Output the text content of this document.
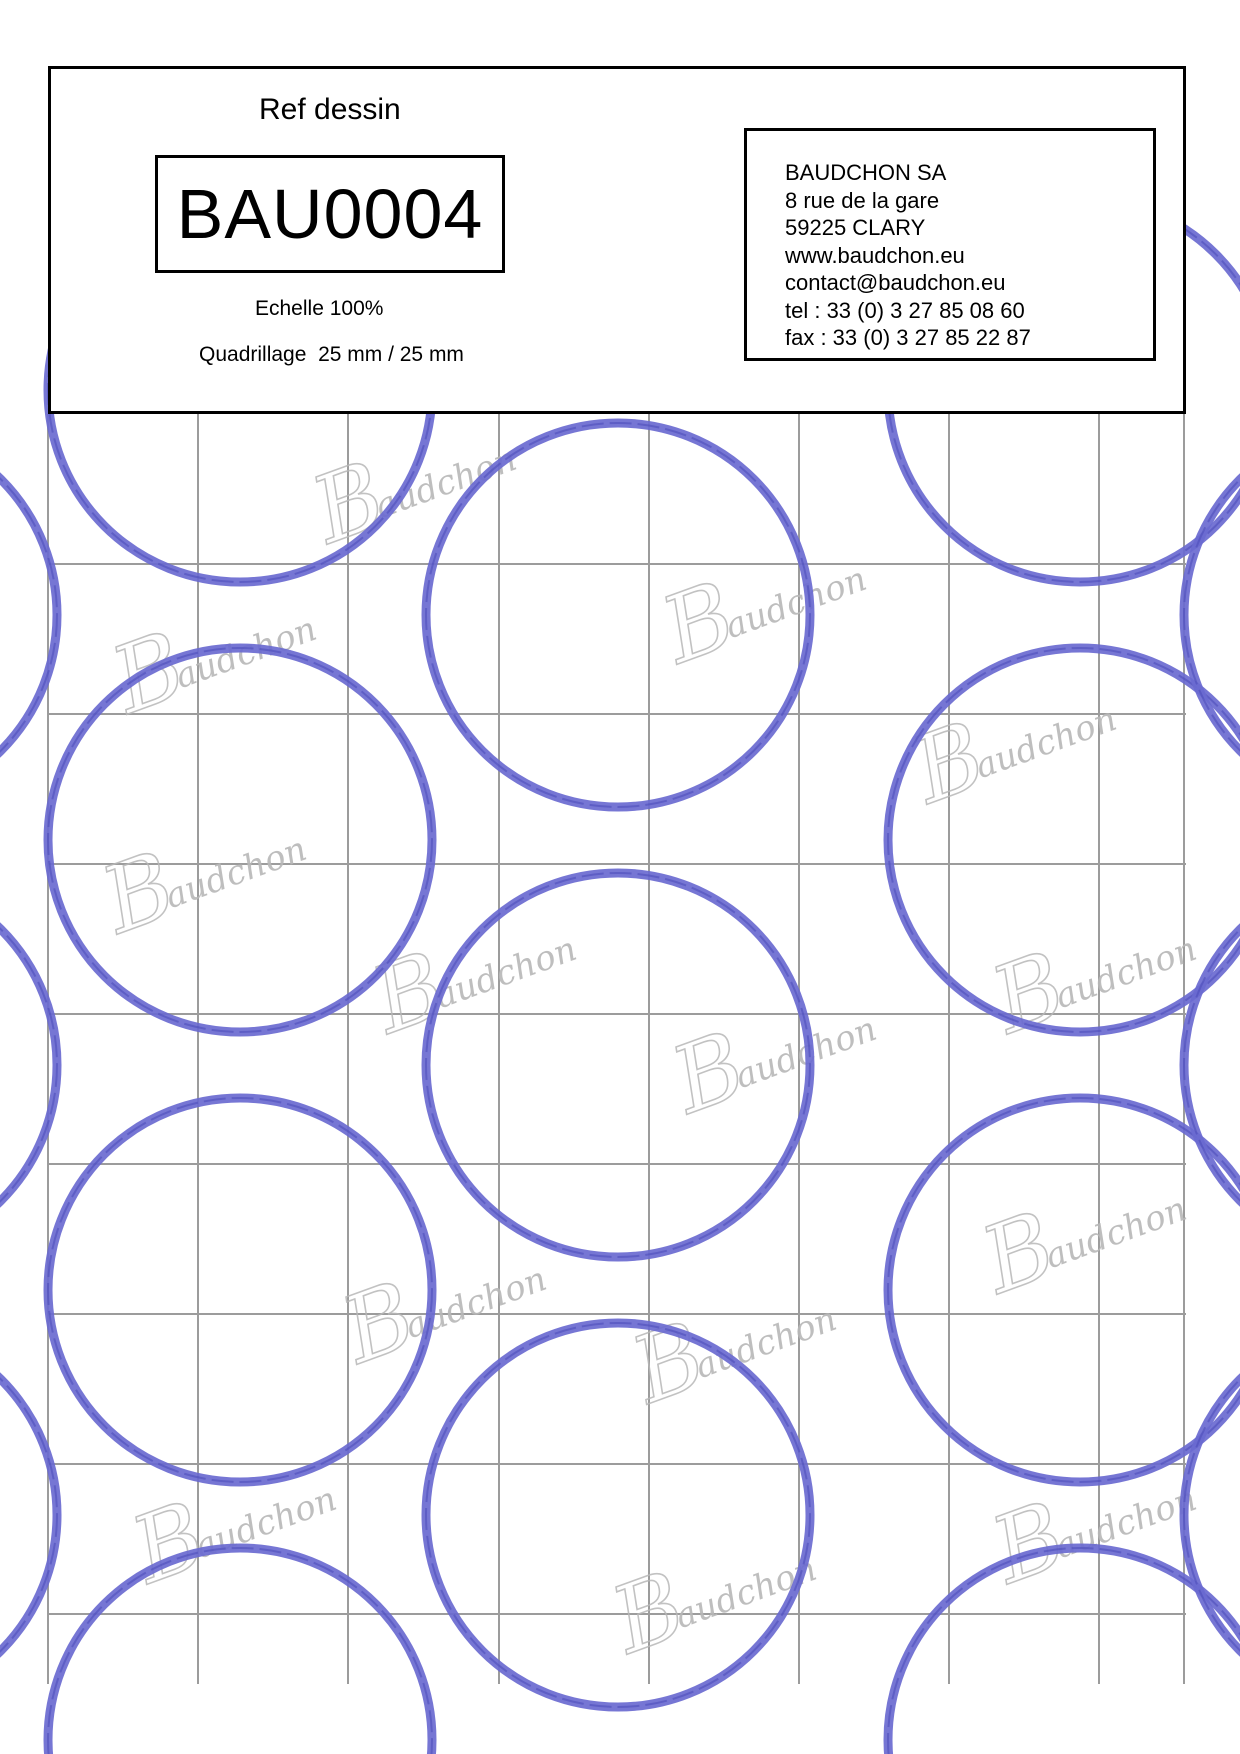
Ref dessin
BAU0004
Echelle 100%
Quadrillage  25 mm / 25 mm
BAUDCHON SA
8 rue de la gare
59225 CLARY
www.baudchon.eu
contact@baudchon.eu
tel : 33 (0) 3 27 85 08 60
fax : 33 (0) 3 27 85 22 87
B
audchon
B
audchon
B
audchon
B
audchon
B
audchon B
audchon
B
audchon B
audchon
B
audchon
B
audchon	B
audchon
B
audchon
B
audchon
B
audchon
